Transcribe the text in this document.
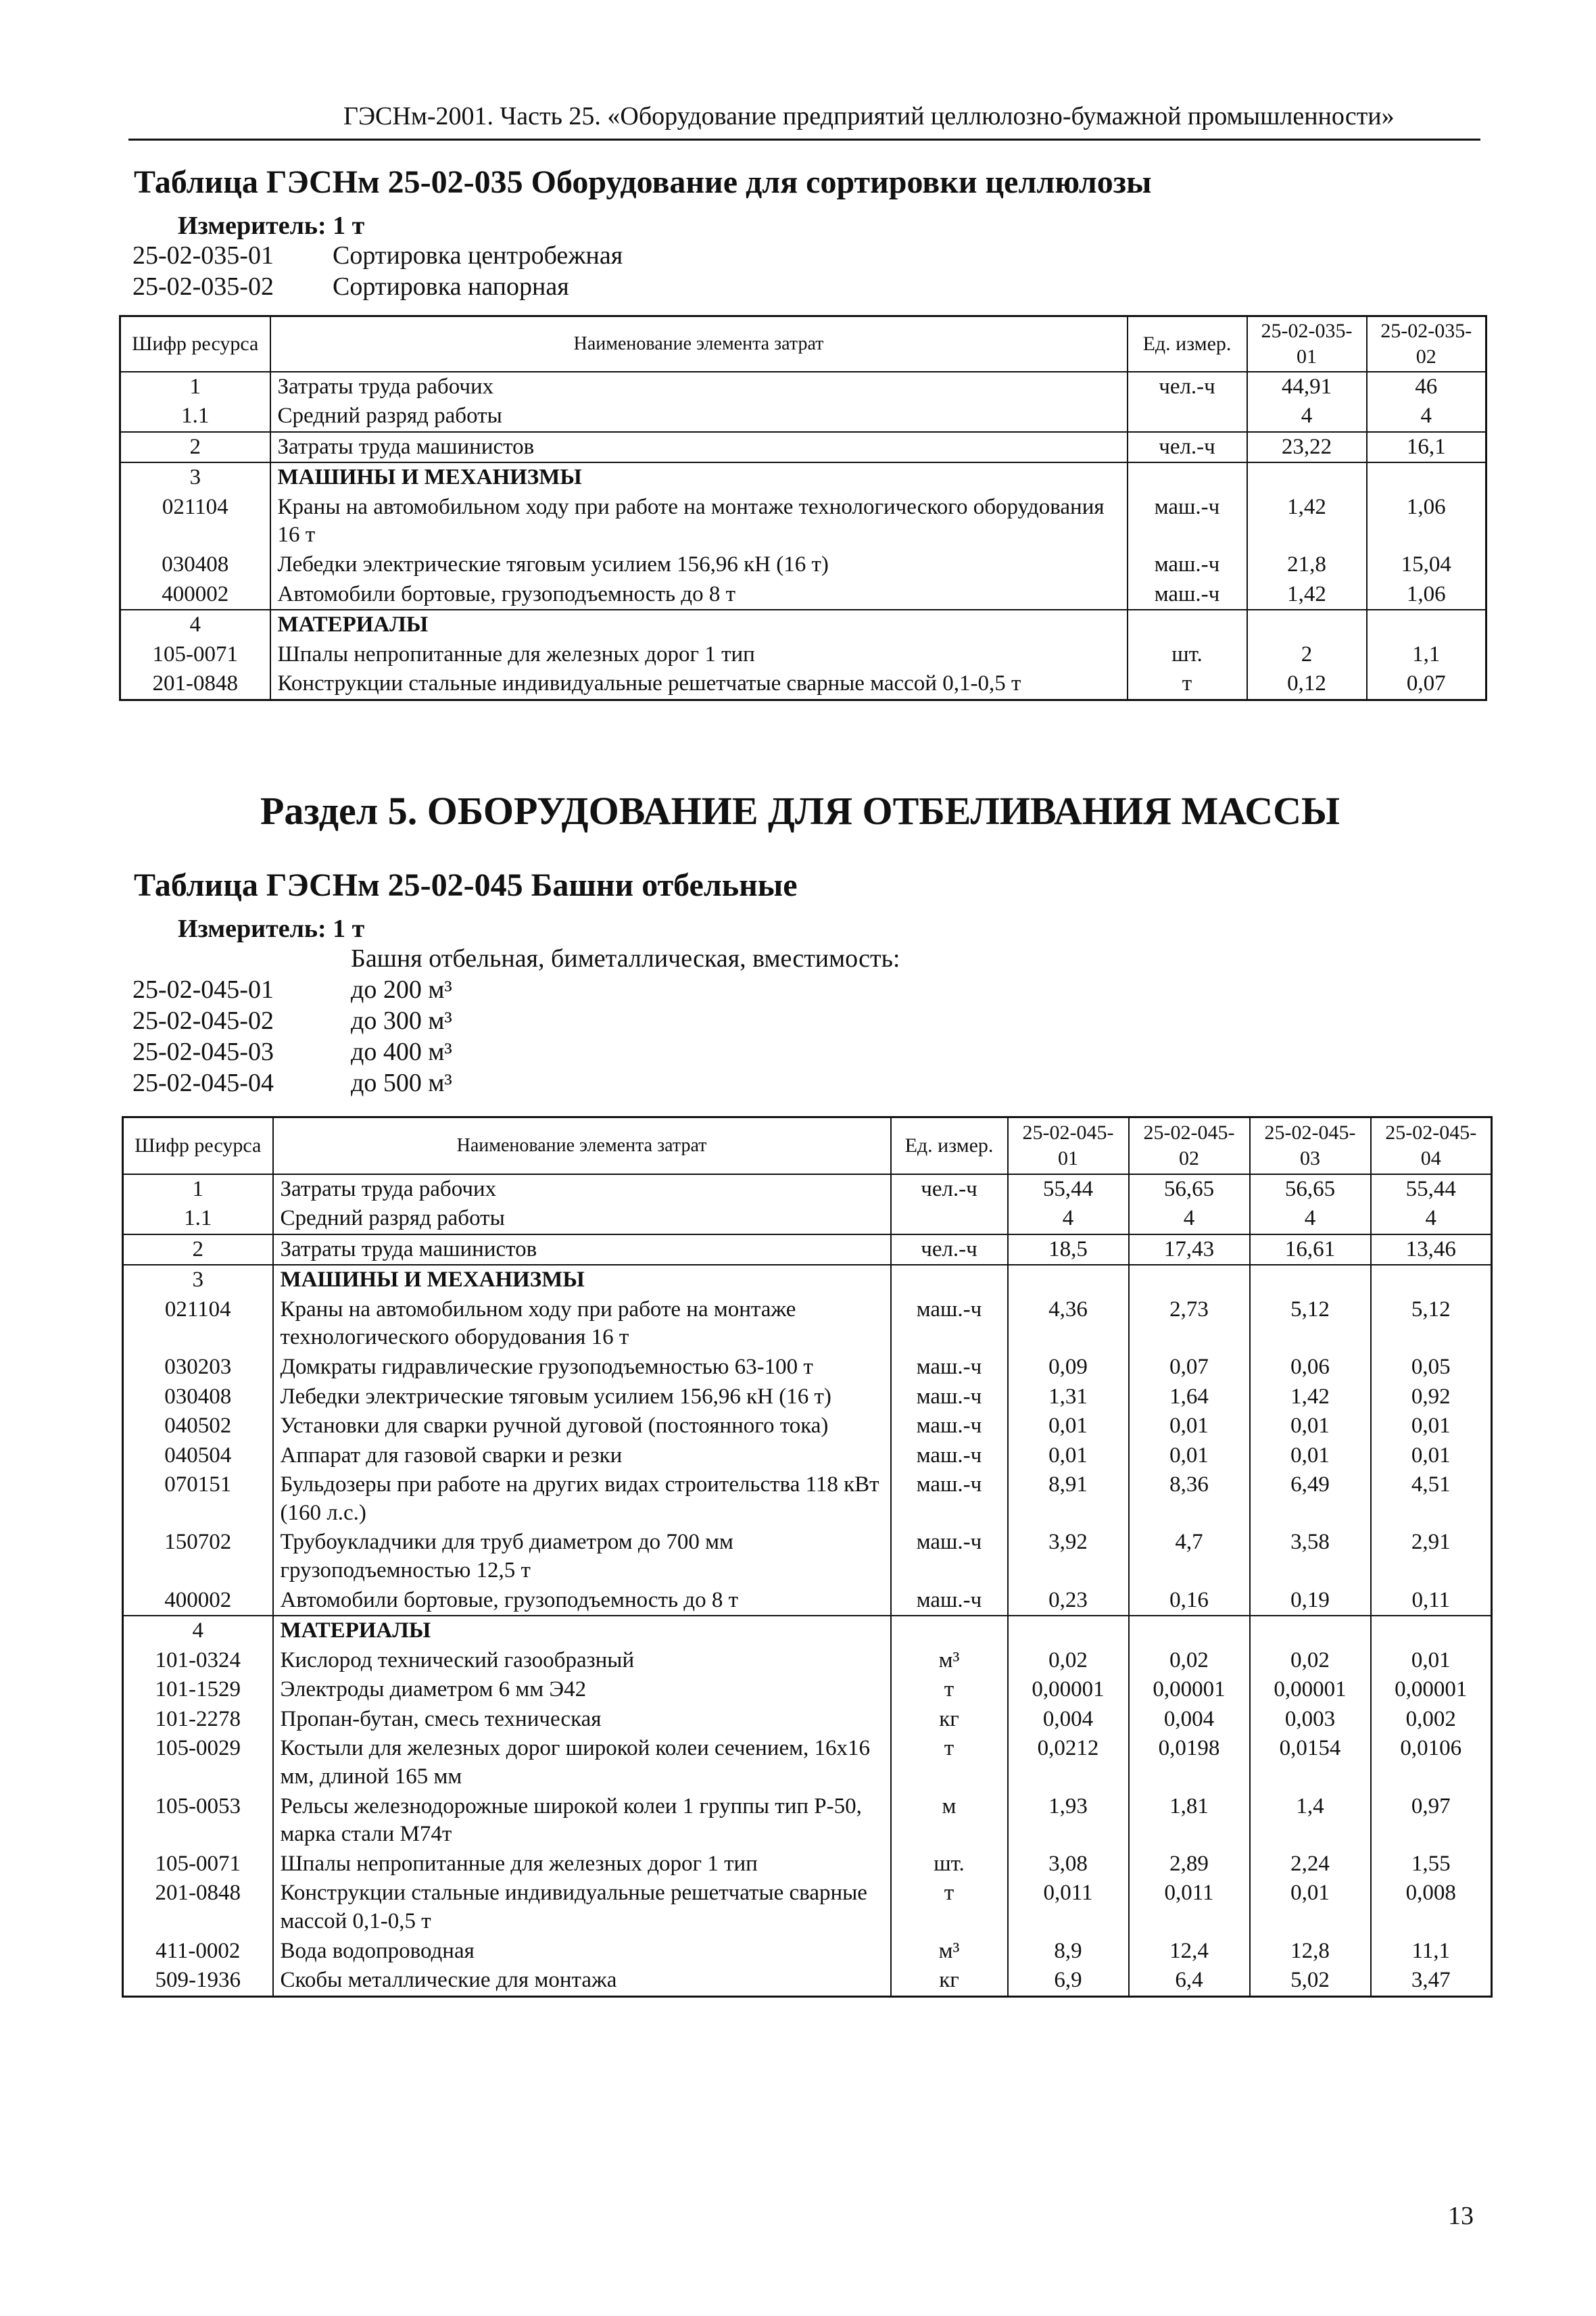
ГЭСНм-2001. Часть 25. «Оборудование предприятий целлюлозно-бумажной промышленности»
Таблица ГЭСНм 25-02-035 Оборудование для сортировки целлюлозы
Измеритель: 1 т
25-02-035-01	Сортировка центробежная
25-02-035-02	Сортировка напорная
Шифр ресурса	Наименование элемента затрат	Ед. измер.	25-02-035-01	25-02-035-02
1	Затраты труда рабочих	чел.-ч	44,91	46
1.1	Средний разряд работы		4	4
2	Затраты труда машинистов	чел.-ч	23,22	16,1
3	МАШИНЫ И МЕХАНИЗМЫ			
021104	Краны на автомобильном ходу при работе на монтаже технологического оборудования 16 т	маш.-ч	1,42	1,06
030408	Лебедки электрические тяговым усилием 156,96 кН (16 т)	маш.-ч	21,8	15,04
400002	Автомобили бортовые, грузоподъемность до 8 т	маш.-ч	1,42	1,06
4	МАТЕРИАЛЫ			
105-0071	Шпалы непропитанные для железных дорог 1 тип	шт.	2	1,1
201-0848	Конструкции стальные индивидуальные решетчатые сварные массой 0,1-0,5 т	т	0,12	0,07
Раздел 5. ОБОРУДОВАНИЕ ДЛЯ ОТБЕЛИВАНИЯ МАССЫ
Таблица ГЭСНм 25-02-045 Башни отбельные
Измеритель: 1 т
Башня отбельная, биметаллическая, вместимость:
25-02-045-01	до 200 м³
25-02-045-02	до 300 м³
25-02-045-03	до 400 м³
25-02-045-04	до 500 м³
Шифр ресурса	Наименование элемента затрат	Ед. измер.	25-02-045-01	25-02-045-02	25-02-045-03	25-02-045-04
1	Затраты труда рабочих	чел.-ч	55,44	56,65	56,65	55,44
1.1	Средний разряд работы		4	4	4	4
2	Затраты труда машинистов	чел.-ч	18,5	17,43	16,61	13,46
3	МАШИНЫ И МЕХАНИЗМЫ					
021104	Краны на автомобильном ходу при работе на монтаже технологического оборудования 16 т	маш.-ч	4,36	2,73	5,12	5,12
030203	Домкраты гидравлические грузоподъемностью 63-100 т	маш.-ч	0,09	0,07	0,06	0,05
030408	Лебедки электрические тяговым усилием 156,96 кН (16 т)	маш.-ч	1,31	1,64	1,42	0,92
040502	Установки для сварки ручной дуговой (постоянного тока)	маш.-ч	0,01	0,01	0,01	0,01
040504	Аппарат для газовой сварки и резки	маш.-ч	0,01	0,01	0,01	0,01
070151	Бульдозеры при работе на других видах строительства 118 кВт (160 л.с.)	маш.-ч	8,91	8,36	6,49	4,51
150702	Трубоукладчики для труб диаметром до 700 мм грузоподъемностью 12,5 т	маш.-ч	3,92	4,7	3,58	2,91
400002	Автомобили бортовые, грузоподъемность до 8 т	маш.-ч	0,23	0,16	0,19	0,11
4	МАТЕРИАЛЫ					
101-0324	Кислород технический газообразный	м³	0,02	0,02	0,02	0,01
101-1529	Электроды диаметром 6 мм Э42	т	0,00001	0,00001	0,00001	0,00001
101-2278	Пропан-бутан, смесь техническая	кг	0,004	0,004	0,003	0,002
105-0029	Костыли для железных дорог широкой колеи сечением, 16х16 мм, длиной 165 мм	т	0,0212	0,0198	0,0154	0,0106
105-0053	Рельсы железнодорожные широкой колеи 1 группы тип Р-50, марка стали М74т	м	1,93	1,81	1,4	0,97
105-0071	Шпалы непропитанные для железных дорог 1 тип	шт.	3,08	2,89	2,24	1,55
201-0848	Конструкции стальные индивидуальные решетчатые сварные массой 0,1-0,5 т	т	0,011	0,011	0,01	0,008
411-0002	Вода водопроводная	м³	8,9	12,4	12,8	11,1
509-1936	Скобы металлические для монтажа	кг	6,9	6,4	5,02	3,47
13
